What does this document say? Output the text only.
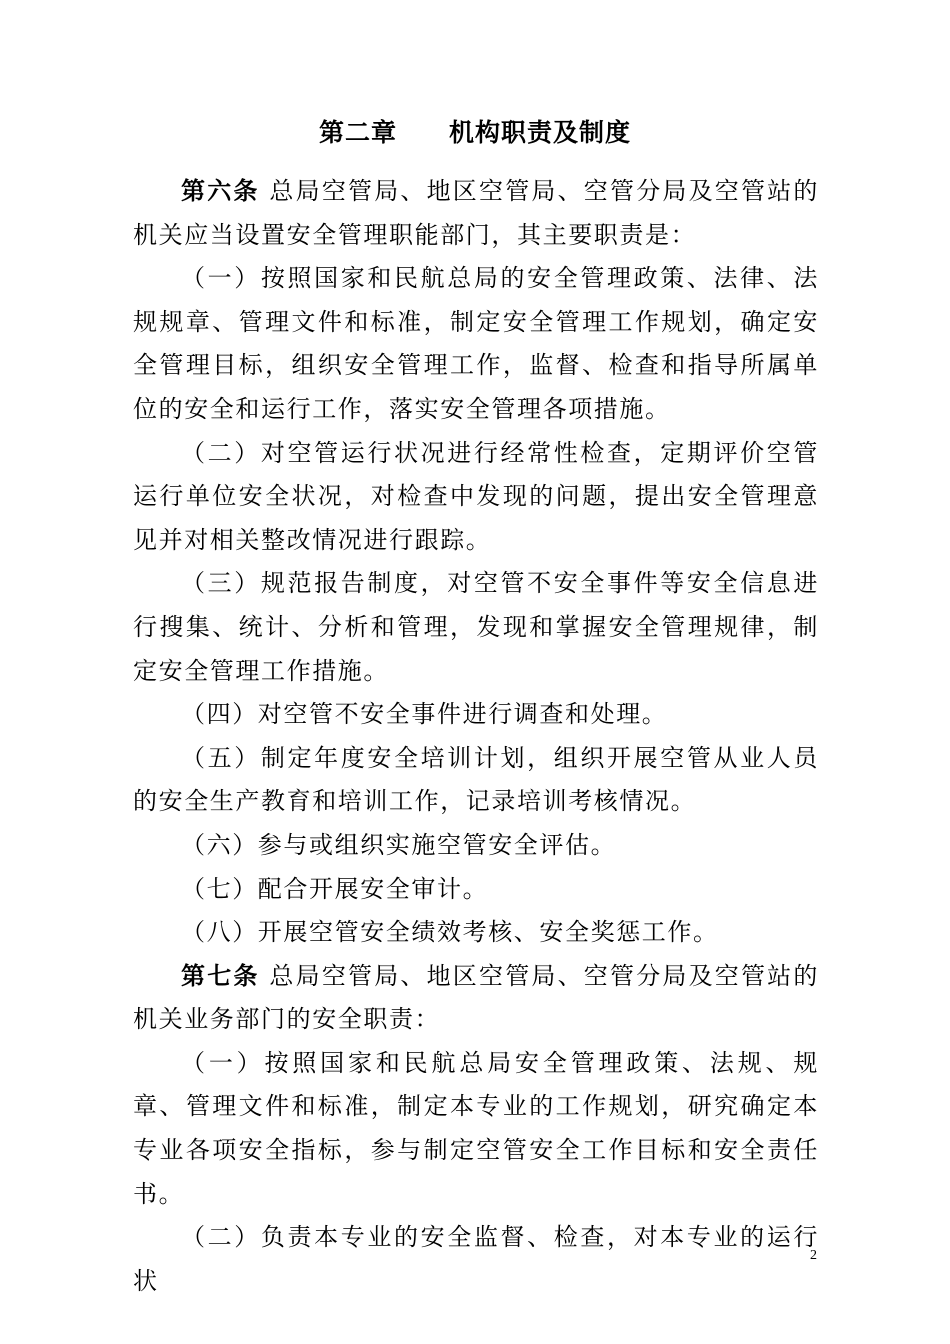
第二章　　机构职责及制度

第六条 总局空管局、地区空管局、空管分局及空管站的机关应当设置安全管理职能部门，其主要职责是：

（一）按照国家和民航总局的安全管理政策、法律、法规规章、管理文件和标准，制定安全管理工作规划，确定安全管理目标，组织安全管理工作，监督、检查和指导所属单位的安全和运行工作，落实安全管理各项措施。

（二）对空管运行状况进行经常性检查，定期评价空管运行单位安全状况，对检查中发现的问题，提出安全管理意见并对相关整改情况进行跟踪。

（三）规范报告制度，对空管不安全事件等安全信息进行搜集、统计、分析和管理，发现和掌握安全管理规律，制定安全管理工作措施。

（四）对空管不安全事件进行调查和处理。

（五）制定年度安全培训计划，组织开展空管从业人员的安全生产教育和培训工作，记录培训考核情况。

（六）参与或组织实施空管安全评估。

（七）配合开展安全审计。

（八）开展空管安全绩效考核、安全奖惩工作。

第七条 总局空管局、地区空管局、空管分局及空管站的机关业务部门的安全职责：

（一）按照国家和民航总局安全管理政策、法规、规章、管理文件和标准，制定本专业的工作规划，研究确定本专业各项安全指标，参与制定空管安全工作目标和安全责任书。

（二）负责本专业的安全监督、检查，对本专业的运行状

2
